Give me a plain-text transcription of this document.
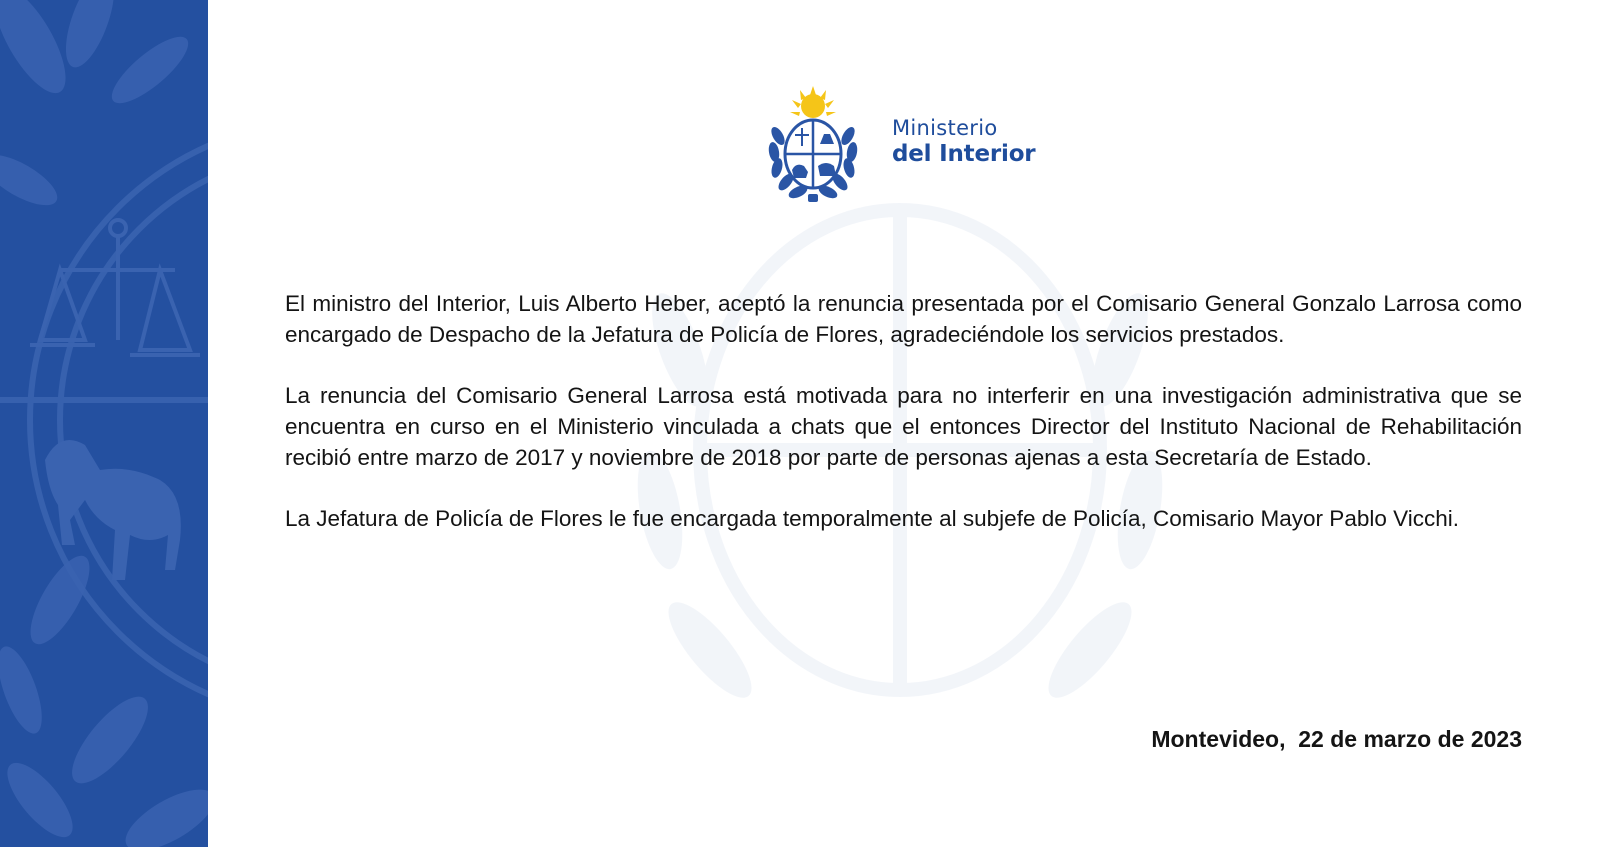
Ministerio
del Interior

El ministro del Interior, Luis Alberto Heber, aceptó la renuncia presentada por el Comisario General Gonzalo Larrosa como encargado de Despacho de la Jefatura de Policía de Flores, agradeciéndole los servicios prestados.

La renuncia del Comisario General Larrosa está motivada para no interferir en una investigación administrativa que se encuentra en curso en el Ministerio vinculada a chats que el entonces Director del Instituto Nacional de Rehabilitación recibió entre marzo de 2017 y noviembre de 2018 por parte de personas ajenas a esta Secretaría de Estado.

La Jefatura de Policía de Flores le fue encargada temporalmente al subjefe de Policía, Comisario Mayor Pablo Vicchi.

Montevideo,  22 de marzo de 2023
